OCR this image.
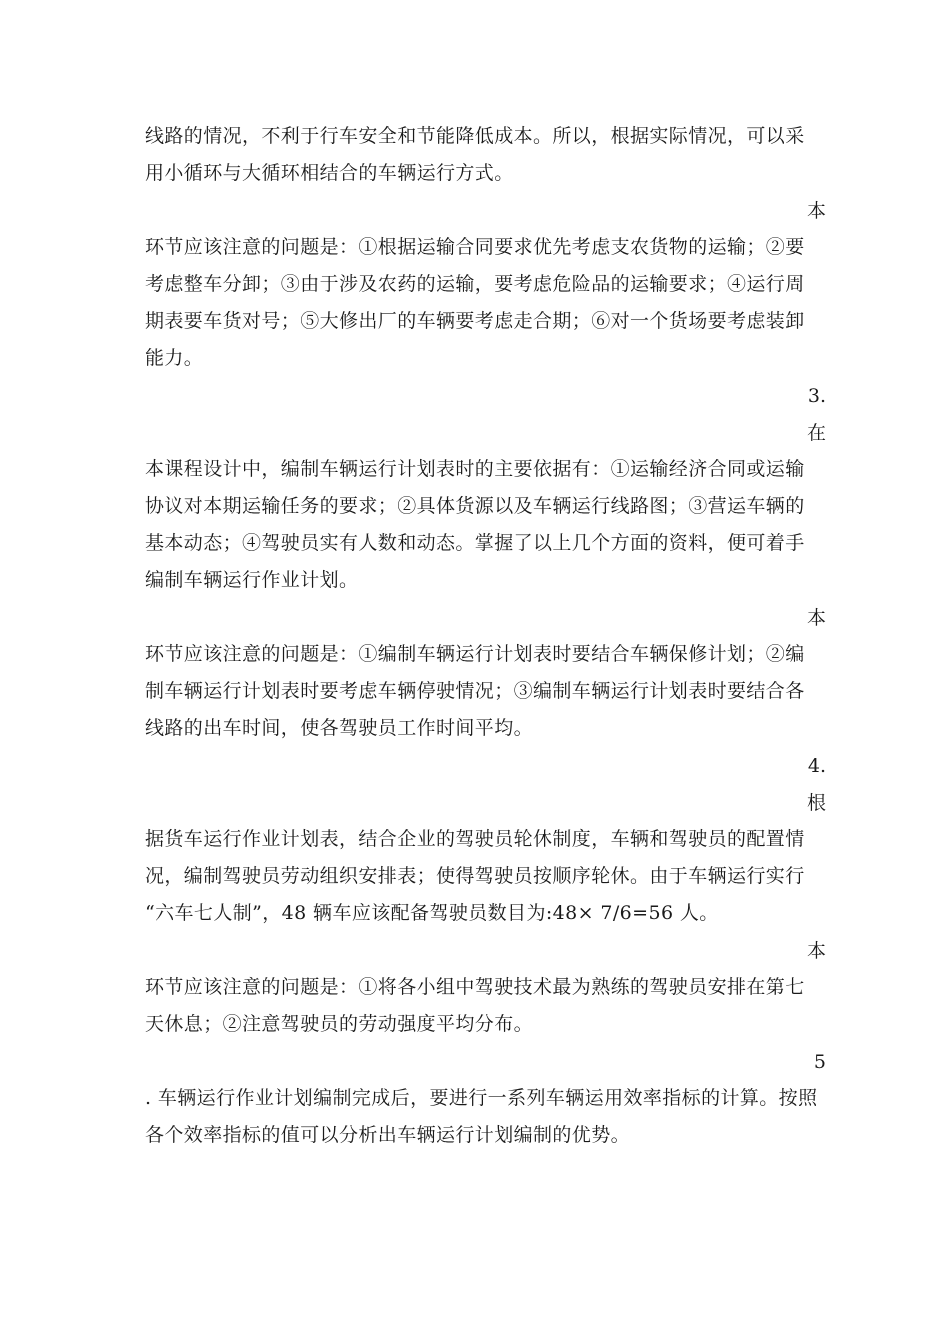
线路的情况，不利于行车安全和节能降低成本。所以，根据实际情况，可以采
用小循环与大循环相结合的车辆运行方式。
本
环节应该注意的问题是：①根据运输合同要求优先考虑支农货物的运输；②要
考虑整车分卸；③由于涉及农药的运输，要考虑危险品的运输要求；④运行周
期表要车货对号；⑤大修出厂的车辆要考虑走合期；⑥对一个货场要考虑装卸
能力。
3.
在
本课程设计中，编制车辆运行计划表时的主要依据有：①运输经济合同或运输
协议对本期运输任务的要求；②具体货源以及车辆运行线路图；③营运车辆的
基本动态；④驾驶员实有人数和动态。掌握了以上几个方面的资料，便可着手
编制车辆运行作业计划。
本
环节应该注意的问题是：①编制车辆运行计划表时要结合车辆保修计划；②编
制车辆运行计划表时要考虑车辆停驶情况；③编制车辆运行计划表时要结合各
线路的出车时间，使各驾驶员工作时间平均。
4.
根
据货车运行作业计划表，结合企业的驾驶员轮休制度，车辆和驾驶员的配置情
况，编制驾驶员劳动组织安排表；使得驾驶员按顺序轮休。由于车辆运行实行
“六车七人制”，48 辆车应该配备驾驶员数目为:48× 7/6=56 人。
本
环节应该注意的问题是：①将各小组中驾驶技术最为熟练的驾驶员安排在第七
天休息；②注意驾驶员的劳动强度平均分布。
5
. 车辆运行作业计划编制完成后，要进行一系列车辆运用效率指标的计算。按照
各个效率指标的值可以分析出车辆运行计划编制的优势。
